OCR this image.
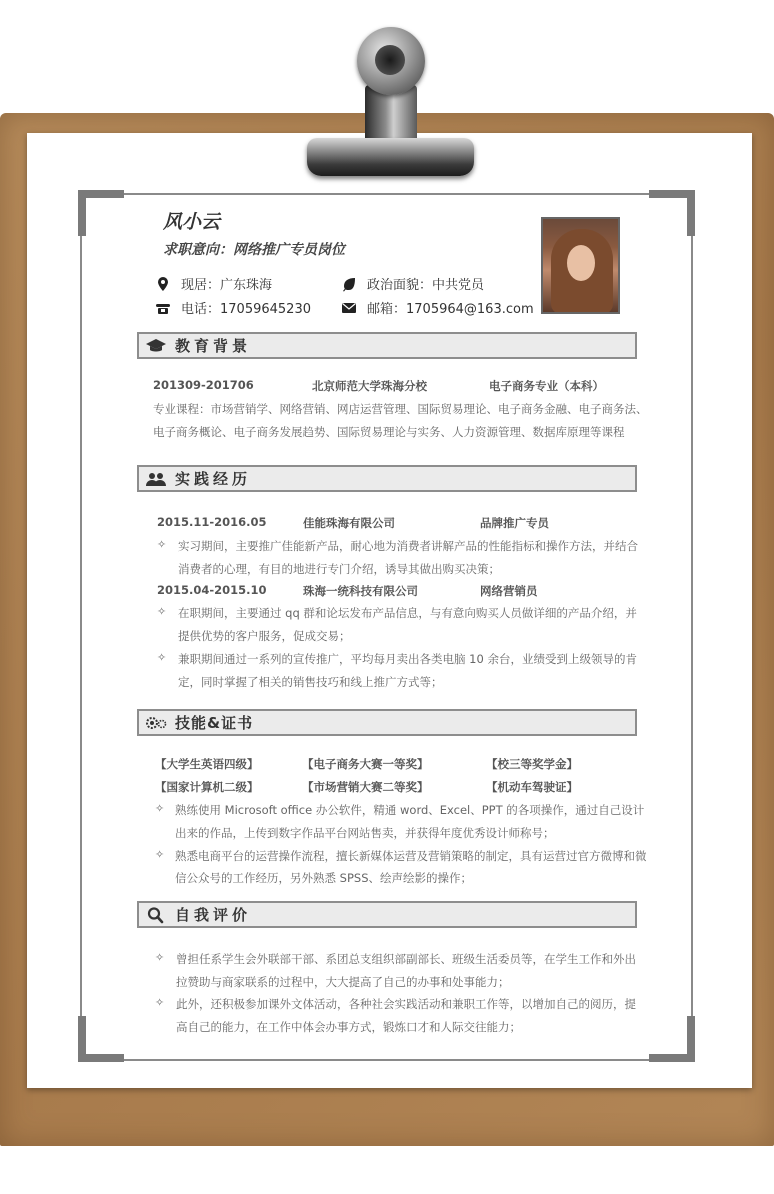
风小云
求职意向：网络推广专员岗位
现居：广东珠海	政治面貌：中共党员
电话：17059645230	邮箱：1705964@163.com
教育背景
201309-201706	北京师范大学珠海分校	电子商务专业（本科）
专业课程：市场营销学、网络营销、网店运营管理、国际贸易理论、电子商务金融、电子商务法、
电子商务概论、电子商务发展趋势、国际贸易理论与实务、人力资源管理、数据库原理等课程
实践经历
2015.11-2016.05	佳能珠海有限公司	品牌推广专员
✧ 实习期间，主要推广佳能新产品，耐心地为消费者讲解产品的性能指标和操作方法，并结合
消费者的心理，有目的地进行专门介绍，诱导其做出购买决策；
2015.04-2015.10	珠海一统科技有限公司	网络营销员
✧ 在职期间，主要通过 qq 群和论坛发布产品信息，与有意向购买人员做详细的产品介绍，并
提供优势的客户服务，促成交易；
✧ 兼职期间通过一系列的宣传推广，平均每月卖出各类电脑 10 余台，业绩受到上级领导的肯
定，同时掌握了相关的销售技巧和线上推广方式等；
技能&证书
【大学生英语四级】	【电子商务大赛一等奖】	【校三等奖学金】
【国家计算机二级】	【市场营销大赛二等奖】	【机动车驾驶证】
✧ 熟练使用 Microsoft office 办公软件，精通 word、Excel、PPT 的各项操作，通过自己设计
出来的作品，上传到数字作品平台网站售卖，并获得年度优秀设计师称号；
✧ 熟悉电商平台的运营操作流程，擅长新媒体运营及营销策略的制定，具有运营过官方微博和微
信公众号的工作经历，另外熟悉 SPSS、绘声绘影的操作；
自我评价
✧ 曾担任系学生会外联部干部、系团总支组织部副部长、班级生活委员等，在学生工作和外出
拉赞助与商家联系的过程中，大大提高了自己的办事和处事能力；
✧ 此外，还积极参加课外文体活动，各种社会实践活动和兼职工作等，以增加自己的阅历，提
高自己的能力，在工作中体会办事方式，锻炼口才和人际交往能力；
